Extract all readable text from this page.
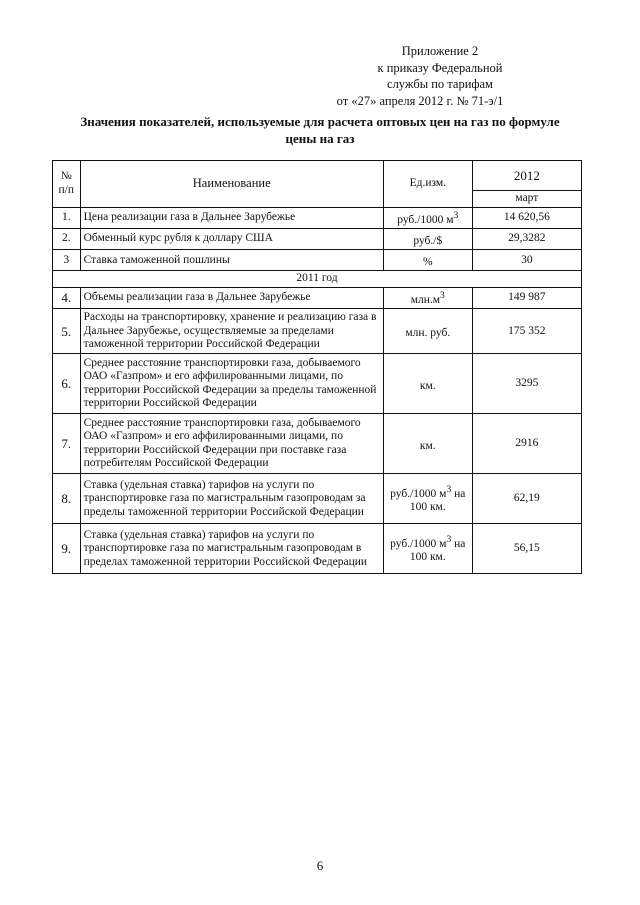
Приложение 2
к приказу Федеральной
службы по тарифам
от «27» апреля 2012 г. № 71-э/1
Значения показателей, используемые для расчета оптовых цен на газ по формуле
цены на газ
№
п/п	Наименование	Ед.изм.	2012
			март
1.	Цена реализации газа в Дальнее Зарубежье	руб./1000 $м^3$	14 620,56
2.	Обменный курс рубля к доллару США	руб./$	29,3282
3	Ставка таможенной пошлины	%	30
2011 год			
4.	Объемы реализации газа в Дальнее Зарубежье	$млн.м^3$	149 987
5.	Расходы на транспортировку, хранение и реализацию газа в Дальнее Зарубежье, осуществляемые за пределами таможенной территории Российской Федерации	млн. руб.	175 352
6.	Среднее расстояние транспортировки газа, добываемого ОАО «Газпром» и его аффилированными лицами, по территории Российской Федерации за пределы таможенной территории Российской Федерации	км.	3295
7.	Среднее расстояние транспортировки газа, добываемого ОАО «Газпром» и его аффилированными лицами, по территории Российской Федерации при поставке газа потребителям Российской Федерации	км.	2916
8.	Ставка (удельная ставка) тарифов на услуги по транспортировке газа по магистральным газопроводам за пределы таможенной территории Российской Федерации	руб./1000 $м^3$ на 100 км.	62,19
9.	Ставка (удельная ставка) тарифов на услуги по транспортировке газа по магистральным газопроводам в пределах таможенной территории Российской Федерации	руб./1000 $м^3$ на 100 км.	56,15
6
